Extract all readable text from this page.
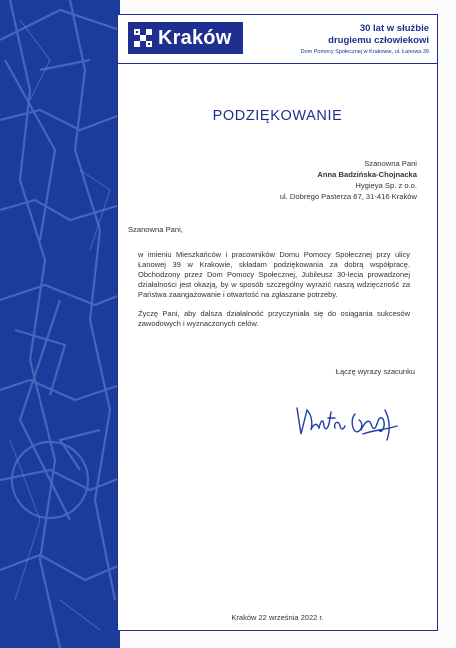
Kraków	30 lat w służbie
drugiemu człowiekowi
Dom Pomocy Społecznej w Krakowie, ul. Łanowa 39
PODZIĘKOWANIE
Szanowna Pani
Anna Badzińska-Chojnacka
Hygieya Sp. z o.o.
ul. Dobrego Pasterza 67, 31-416 Kraków
Szanowna Pani,

w imieniu Mieszkańców i pracowników Domu Pomocy Społecznej przy ulicy Łanowej 39 w Krakowie, składam podziękowania za dobrą współpracę. Obchodzony przez Dom Pomocy Społecznej, Jubileusz 30-lecia prowadzonej działalności jest okazją, by w sposób szczególny wyrazić naszą wdzięczność za Państwa zaangażowanie i otwartość na zgłaszane potrzeby.

Życzę Pani, aby dalsza działalność przyczyniała się do osiągania sukcesów zawodowych i wyznaczonych celów.

Łączę wyrazy szacunku
Kraków 22 września 2022 r.
